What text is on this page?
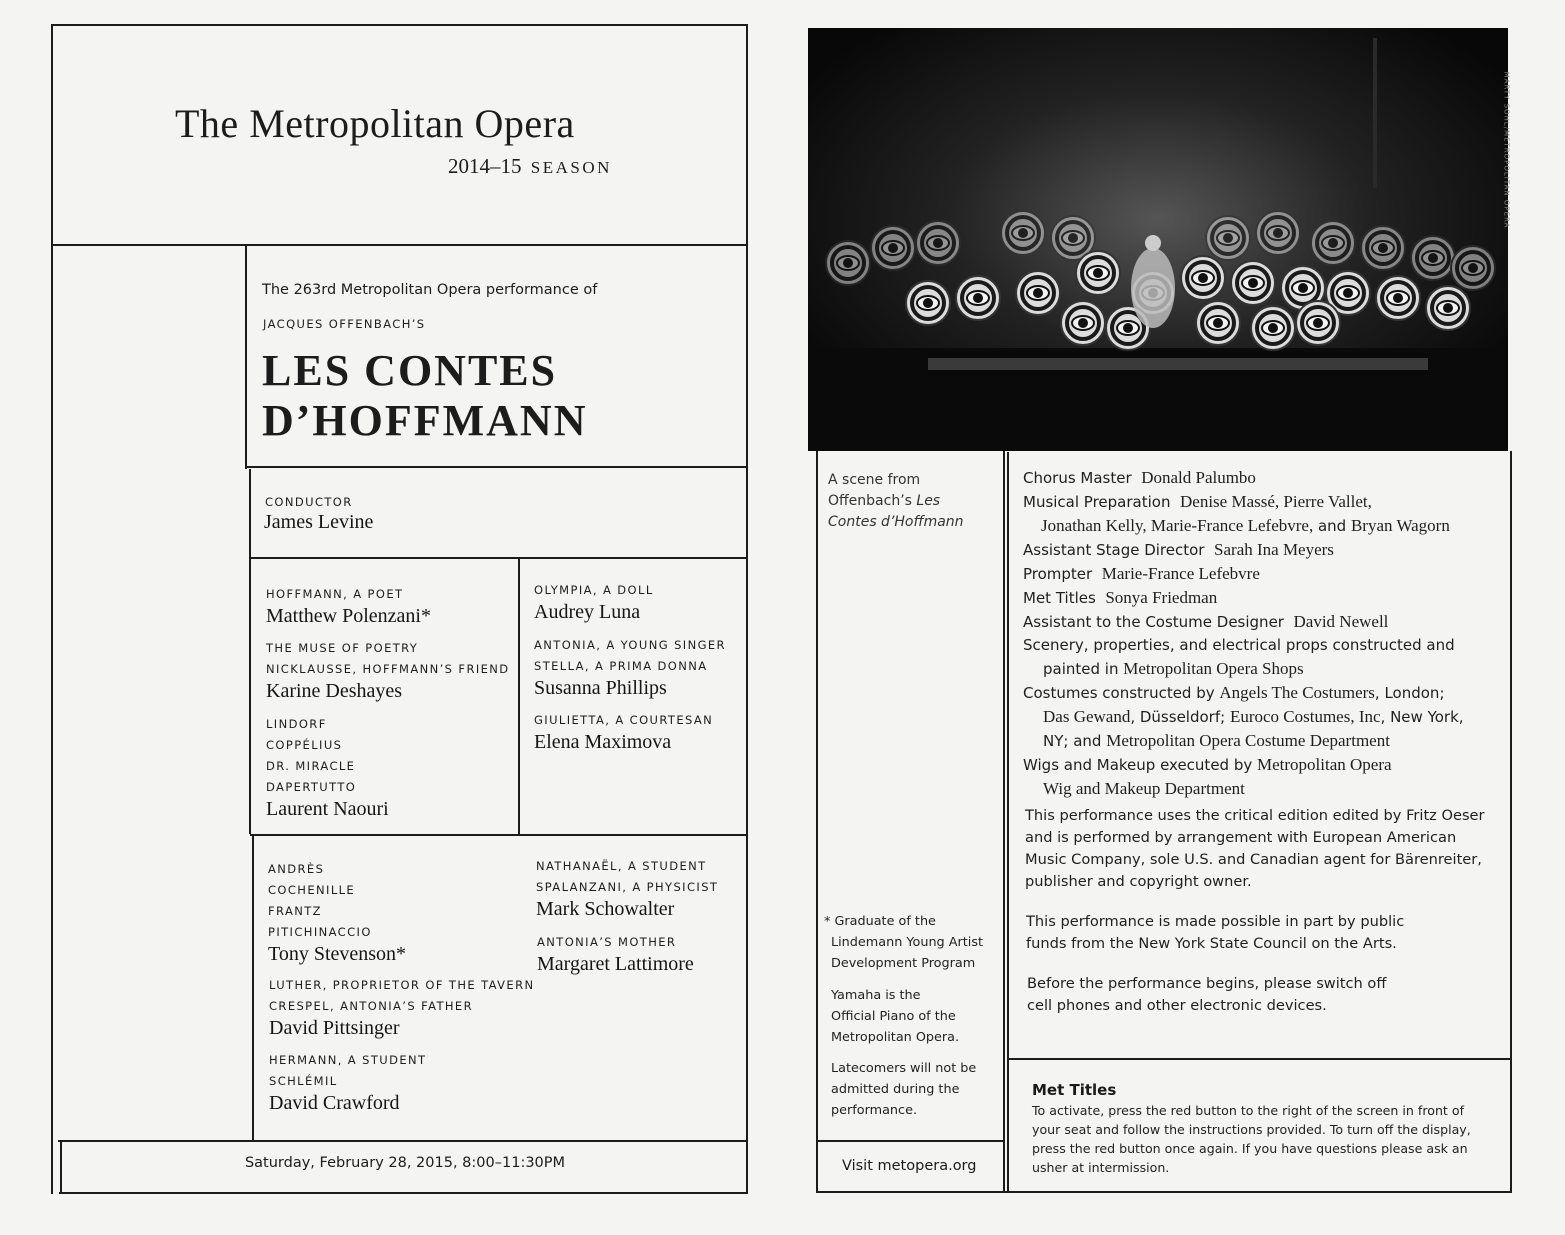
The Metropolitan Opera
2014–15 SEASON
The 263rd Metropolitan Opera performance of
JACQUES OFFENBACH’S
LES CONTES
D’HOFFMANN
CONDUCTOR
James Levine
HOFFMANN, A POET
Matthew Polenzani*
THE MUSE OF POETRY
NICKLAUSSE, HOFFMANN’S FRIEND
Karine Deshayes
LINDORF
COPPÉLIUS
DR. MIRACLE
DAPERTUTTO
Laurent Naouri
OLYMPIA, A DOLL
Audrey Luna
ANTONIA, A YOUNG SINGER
STELLA, A PRIMA DONNA
Susanna Phillips
GIULIETTA, A COURTESAN
Elena Maximova
ANDRÈS
COCHENILLE
FRANTZ
PITICHINACCIO
Tony Stevenson*
LUTHER, PROPRIETOR OF THE TAVERN
CRESPEL, ANTONIA’S FATHER
David Pittsinger
HERMANN, A STUDENT
SCHLÉMIL
David Crawford
NATHANAËL, A STUDENT
SPALANZANI, A PHYSICIST
Mark Schowalter
ANTONIA’S MOTHER
Margaret Lattimore
Saturday, February 28, 2015, 8:00–11:30PM
MARTY SOHL/METROPOLITAN OPERA
A scene from
Offenbach’s Les
Contes d’Hoffmann
Chorus Master Donald Palumbo
Musical Preparation Denise Massé, Pierre Vallet,
Jonathan Kelly, Marie-France Lefebvre, and Bryan Wagorn
Assistant Stage Director Sarah Ina Meyers
Prompter Marie-France Lefebvre
Met Titles Sonya Friedman
Assistant to the Costume Designer David Newell
Scenery, properties, and electrical props constructed and
painted in Metropolitan Opera Shops
Costumes constructed by Angels The Costumers, London;
Das Gewand, Düsseldorf; Euroco Costumes, Inc, New York,
NY; and Metropolitan Opera Costume Department
Wigs and Makeup executed by Metropolitan Opera
Wig and Makeup Department
This performance uses the critical edition edited by Fritz Oeser
and is performed by arrangement with European American
Music Company, sole U.S. and Canadian agent for Bärenreiter,
publisher and copyright owner.
This performance is made possible in part by public
funds from the New York State Council on the Arts.
Before the performance begins, please switch off
cell phones and other electronic devices.
* Graduate of the
Lindemann Young Artist
Development Program
Yamaha is the
Official Piano of the
Metropolitan Opera.
Latecomers will not be
admitted during the
performance.
Visit metopera.org
Met Titles
To activate, press the red button to the right of the screen in front of
your seat and follow the instructions provided. To turn off the display,
press the red button once again. If you have questions please ask an
usher at intermission.
